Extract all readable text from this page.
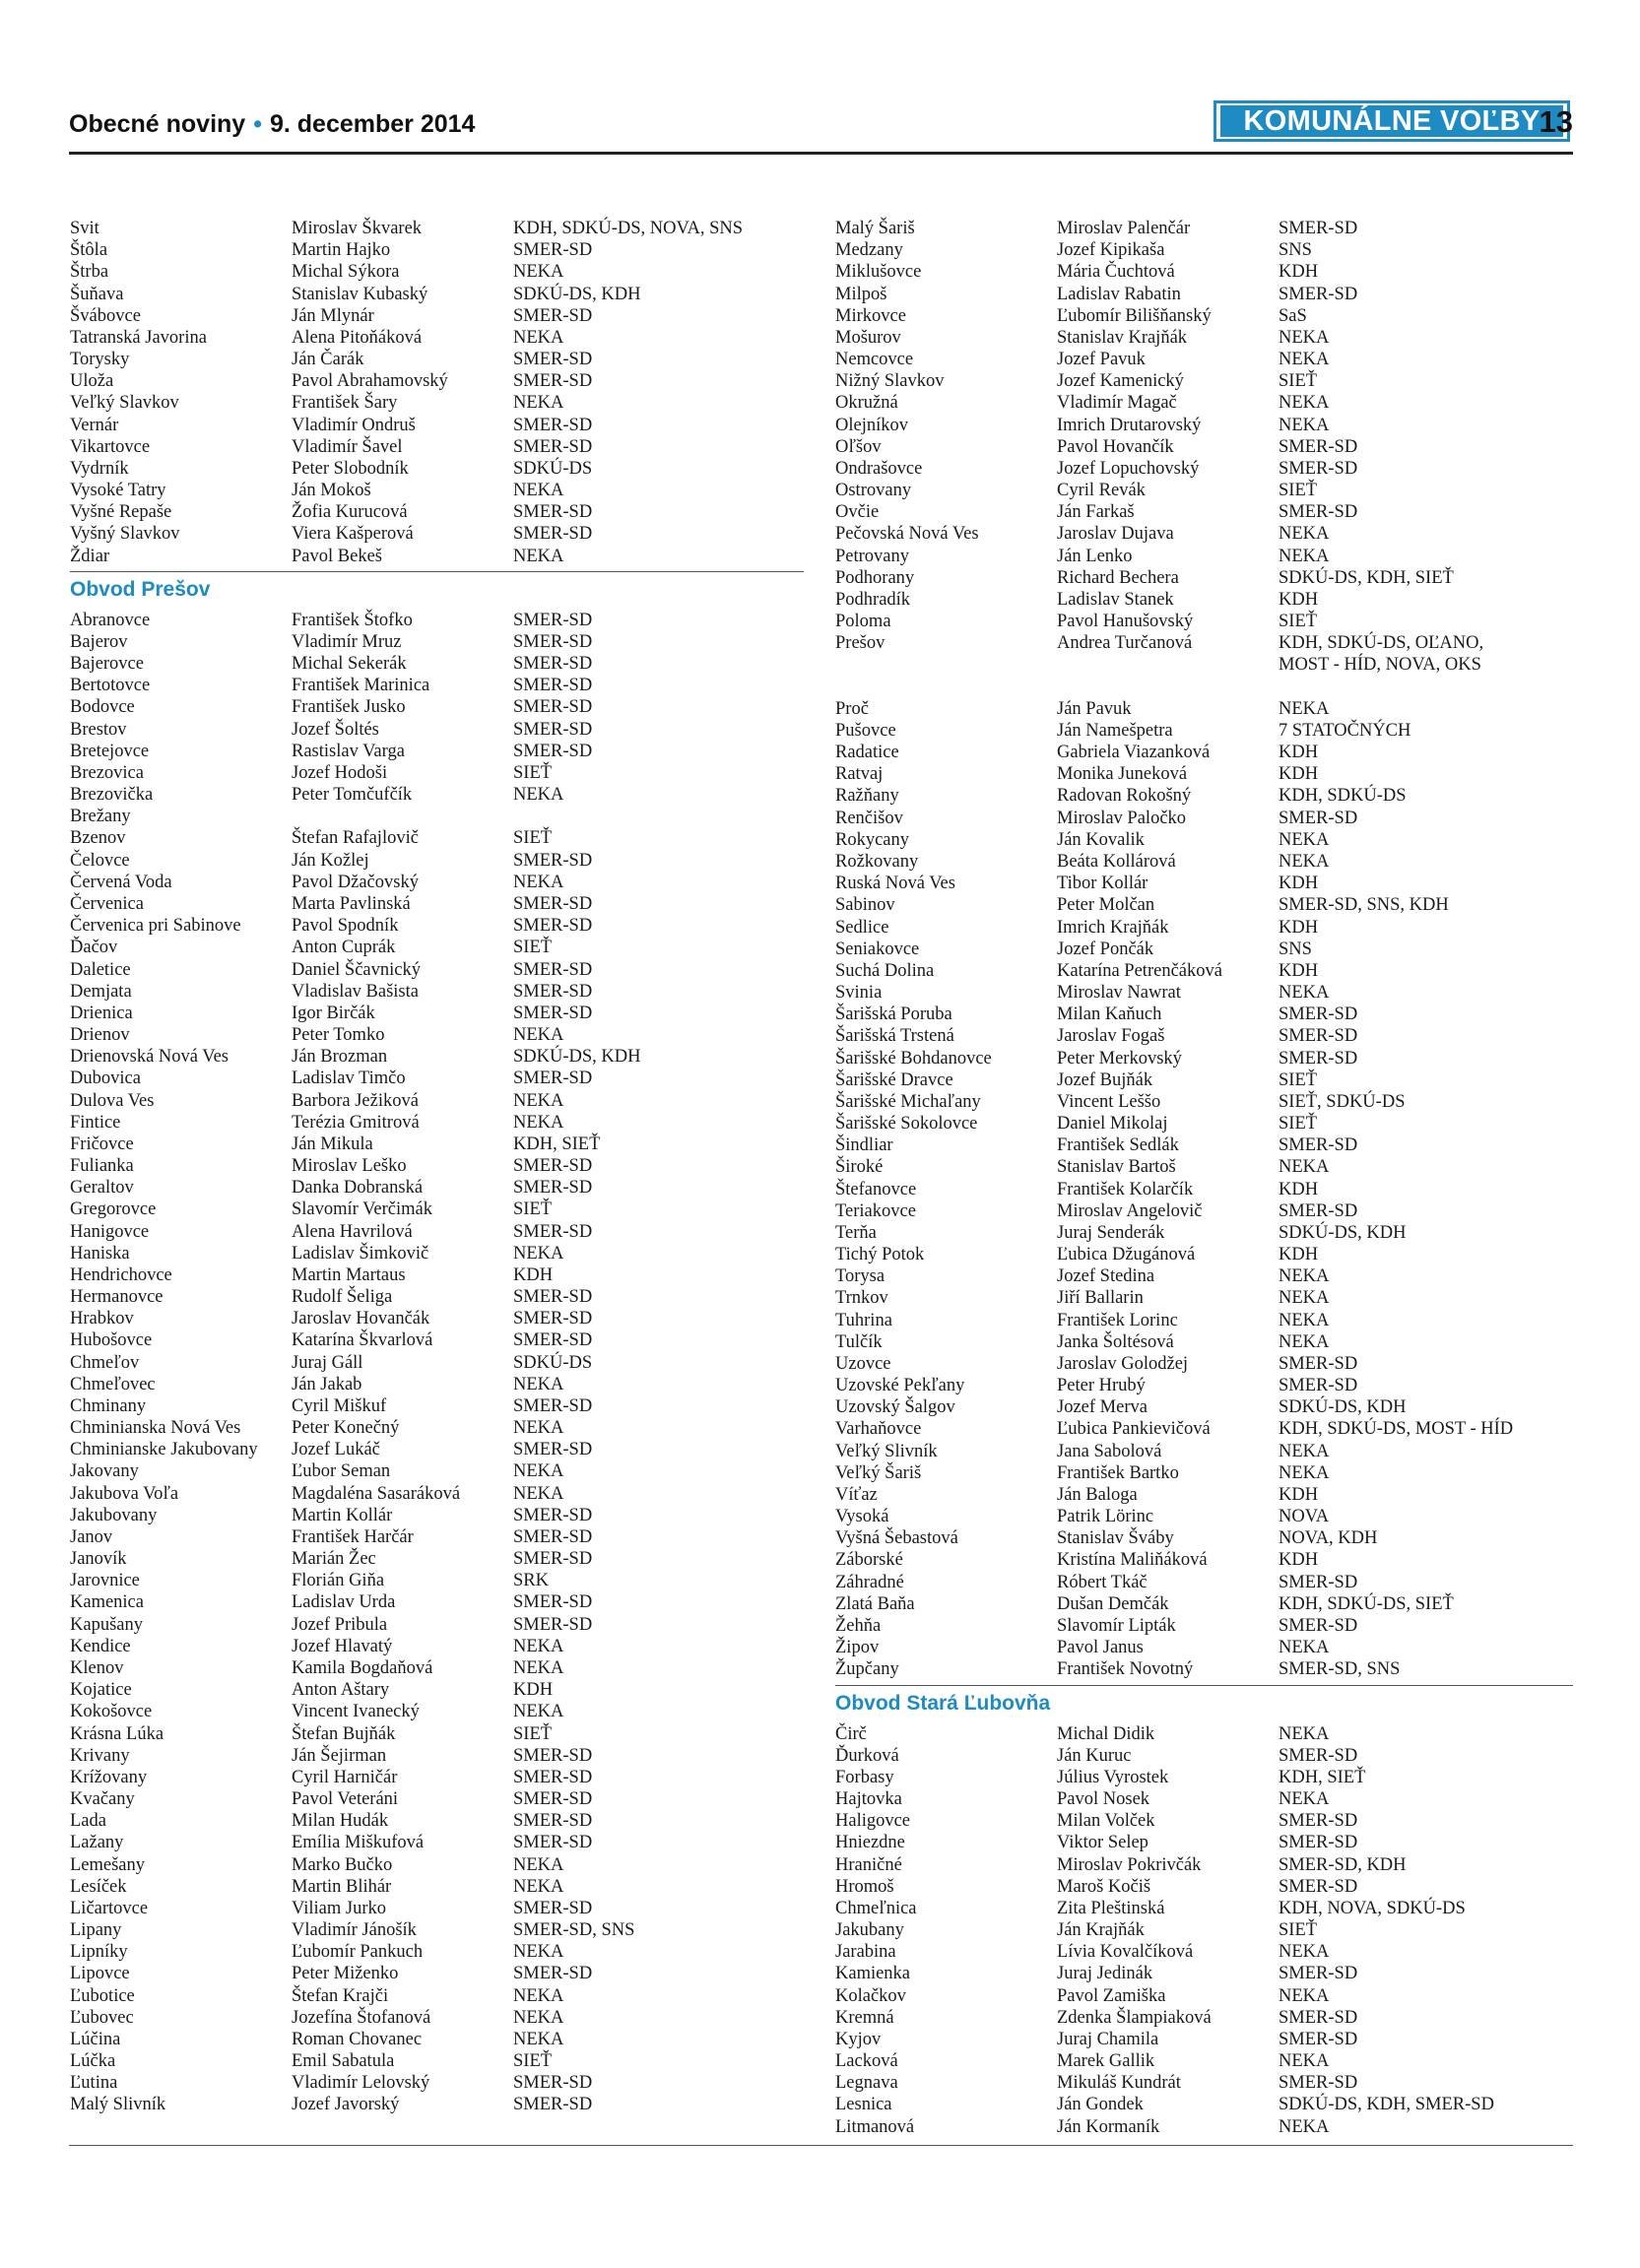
Obecné noviny • 9. december 2014	KOMUNÁLNE VOĽBY 13
Svit	Miroslav Škvarek	KDH, SDKÚ-DS, NOVA, SNS
Štôla	Martin Hajko	SMER-SD
Štrba	Michal Sýkora	NEKA
Šuňava	Stanislav Kubaský	SDKÚ-DS, KDH
Švábovce	Ján Mlynár	SMER-SD
Tatranská Javorina	Alena Pitoňáková	NEKA
Torysky	Ján Čarák	SMER-SD
Uloža	Pavol Abrahamovský	SMER-SD
Veľký Slavkov	František Šary	NEKA
Vernár	Vladimír Ondruš	SMER-SD
Vikartovce	Vladimír Šavel	SMER-SD
Vydrník	Peter Slobodník	SDKÚ-DS
Vysoké Tatry	Ján Mokoš	NEKA
Vyšné Repaše	Žofia Kurucová	SMER-SD
Vyšný Slavkov	Viera Kašperová	SMER-SD
Ždiar	Pavol Bekeš	NEKA
Obvod Prešov
Abranovce	František Štofko	SMER-SD
Bajerov	Vladimír Mruz	SMER-SD
Bajerovce	Michal Sekerák	SMER-SD
Bertotovce	František Marinica	SMER-SD
Bodovce	František Jusko	SMER-SD
Brestov	Jozef Šoltés	SMER-SD
Bretejovce	Rastislav Varga	SMER-SD
Brezovica	Jozef Hodoši	SIEŤ
Brezovička	Peter Tomčufčík	NEKA
Brežany
Bzenov	Štefan Rafajlovič	SIEŤ
Čelovce	Ján Kožlej	SMER-SD
Červená Voda	Pavol Džačovský	NEKA
Červenica	Marta Pavlinská	SMER-SD
Červenica pri Sabinove	Pavol Spodník	SMER-SD
Ďačov	Anton Cuprák	SIEŤ
Daletice	Daniel Ščavnický	SMER-SD
Demjata	Vladislav Bašista	SMER-SD
Drienica	Igor Birčák	SMER-SD
Drienov	Peter Tomko	NEKA
Drienovská Nová Ves	Ján Brozman	SDKÚ-DS, KDH
Dubovica	Ladislav Timčo	SMER-SD
Dulova Ves	Barbora Ježiková	NEKA
Fintice	Terézia Gmitrová	NEKA
Fričovce	Ján Mikula	KDH, SIEŤ
Fulianka	Miroslav Leško	SMER-SD
Geraltov	Danka Dobranská	SMER-SD
Gregorovce	Slavomír Verčimák	SIEŤ
Hanigovce	Alena Havrilová	SMER-SD
Haniska	Ladislav Šimkovič	NEKA
Hendrichovce	Martin Martaus	KDH
Hermanovce	Rudolf Šeliga	SMER-SD
Hrabkov	Jaroslav Hovančák	SMER-SD
Hubošovce	Katarína Škvarlová	SMER-SD
Chmeľov	Juraj Gáll	SDKÚ-DS
Chmeľovec	Ján Jakab	NEKA
Chminany	Cyril Miškuf	SMER-SD
Chminianska Nová Ves	Peter Konečný	NEKA
Chminianske Jakubovany Jozef Lukáč	SMER-SD
Jakovany	Ľubor Seman	NEKA
Jakubova Voľa	Magdaléna Sasaráková	NEKA
Jakubovany	Martin Kollár	SMER-SD
Janov	František Harčár	SMER-SD
Janovík	Marián Žec	SMER-SD
Jarovnice	Florián Giňa	SRK
Kamenica	Ladislav Urda	SMER-SD
Kapušany	Jozef Pribula	SMER-SD
Kendice	Jozef Hlavatý	NEKA
Klenov	Kamila Bogdaňová	NEKA
Kojatice	Anton Aštary	KDH
Kokošovce	Vincent Ivanecký	NEKA
Krásna Lúka	Štefan Bujňák	SIEŤ
Krivany	Ján Šejirman	SMER-SD
Krížovany	Cyril Harničár	SMER-SD
Kvačany	Pavol Veteráni	SMER-SD
Lada	Milan Hudák	SMER-SD
Lažany	Emília Miškufová	SMER-SD
Lemešany	Marko Bučko	NEKA
Lesíček	Martin Blihár	NEKA
Ličartovce	Viliam Jurko	SMER-SD
Lipany	Vladimír Jánošík	SMER-SD, SNS
Lipníky	Ľubomír Pankuch	NEKA
Lipovce	Peter Miženko	SMER-SD
Ľubotice	Štefan Krajči	NEKA
Ľubovec	Jozefína Štofanová	NEKA
Lúčina	Roman Chovanec	NEKA
Lúčka	Emil Sabatula	SIEŤ
Ľutina	Vladimír Lelovský	SMER-SD
Malý Slivník	Jozef Javorský	SMER-SD
Malý Šariš	Miroslav Palenčár	SMER-SD
Medzany	Jozef Kipikaša	SNS
Miklušovce	Mária Čuchtová	KDH
Milpoš	Ladislav Rabatin	SMER-SD
Mirkovce	Ľubomír Bilišňanský	SaS
Mošurov	Stanislav Krajňák	NEKA
Nemcovce	Jozef Pavuk	NEKA
Nižný Slavkov	Jozef Kamenický	SIEŤ
Okružná	Vladimír Magač	NEKA
Olejníkov	Imrich Drutarovský	NEKA
Oľšov	Pavol Hovančík	SMER-SD
Ondrašovce	Jozef Lopuchovský	SMER-SD
Ostrovany	Cyril Revák	SIEŤ
Ovčie	Ján Farkaš	SMER-SD
Pečovská Nová Ves	Jaroslav Dujava	NEKA
Petrovany	Ján Lenko	NEKA
Podhorany	Richard Bechera	SDKÚ-DS, KDH, SIEŤ
Podhradík	Ladislav Stanek	KDH
Poloma	Pavol Hanušovský	SIEŤ
Prešov	Andrea Turčanová	KDH, SDKÚ-DS, OĽANO,
MOST - HÍD, NOVA, OKS
Proč	Ján Pavuk	NEKA
Pušovce	Ján Namešpetra	7 STATOČNÝCH
Radatice	Gabriela Viazanková	KDH
Ratvaj	Monika Juneková	KDH
Ražňany	Radovan Rokošný	KDH, SDKÚ-DS
Renčišov	Miroslav Paločko	SMER-SD
Rokycany	Ján Kovalik	NEKA
Rožkovany	Beáta Kollárová	NEKA
Ruská Nová Ves	Tibor Kollár	KDH
Sabinov	Peter Molčan	SMER-SD, SNS, KDH
Sedlice	Imrich Krajňák	KDH
Seniakovce	Jozef Pončák	SNS
Suchá Dolina	Katarína Petrenčáková	KDH
Svinia	Miroslav Nawrat	NEKA
Šarišská Poruba	Milan Kaňuch	SMER-SD
Šarišská Trstená	Jaroslav Fogaš	SMER-SD
Šarišské Bohdanovce	Peter Merkovský	SMER-SD
Šarišské Dravce	Jozef Bujňák	SIEŤ
Šarišské Michaľany	Vincent Leššo	SIEŤ, SDKÚ-DS
Šarišské Sokolovce	Daniel Mikolaj	SIEŤ
Šindliar	František Sedlák	SMER-SD
Široké	Stanislav Bartoš	NEKA
Štefanovce	František Kolarčík	KDH
Teriakovce	Miroslav Angelovič	SMER-SD
Terňa	Juraj Senderák	SDKÚ-DS, KDH
Tichý Potok	Ľubica Džugánová	KDH
Torysa	Jozef Stedina	NEKA
Trnkov	Jiří Ballarin	NEKA
Tuhrina	František Lorinc	NEKA
Tulčík	Janka Šoltésová	NEKA
Uzovce	Jaroslav Golodžej	SMER-SD
Uzovské Pekľany	Peter Hrubý	SMER-SD
Uzovský Šalgov	Jozef Merva	SDKÚ-DS, KDH
Varhaňovce	Ľubica Pankievičová	KDH, SDKÚ-DS, MOST - HÍD
Veľký Slivník	Jana Sabolová	NEKA
Veľký Šariš	František Bartko	NEKA
Víťaz	Ján Baloga	KDH
Vysoká	Patrik Lörinc	NOVA
Vyšná Šebastová	Stanislav Švábу	NOVA, KDH
Záborské	Kristína Maliňáková	KDH
Záhradné	Róbert Tkáč	SMER-SD
Zlatá Baňa	Dušan Demčák	KDH, SDKÚ-DS, SIEŤ
Žehňa	Slavomír Lipták	SMER-SD
Žipov	Pavol Janus	NEKA
Župčany	František Novotný	SMER-SD, SNS
Obvod Stará Ľubovňa
Čirč	Michal Didik	NEKA
Ďurková	Ján Kuruc	SMER-SD
Forbasy	Július Vyrostek	KDH, SIEŤ
Hajtovka	Pavol Nosek	NEKA
Haligovce	Milan Volček	SMER-SD
Hniezdne	Viktor Selep	SMER-SD
Hraničné	Miroslav Pokrivčák	SMER-SD, KDH
Hromoš	Maroš Kočiš	SMER-SD
Chmeľnica	Zita Pleštinská	KDH, NOVA, SDKÚ-DS
Jakubany	Ján Krajňák	SIEŤ
Jarabina	Lívia Kovalčíková	NEKA
Kamienka	Juraj Jedinák	SMER-SD
Kolačkov	Pavol Zamiška	NEKA
Kremná	Zdenka Šlampiaková	SMER-SD
Kyjov	Juraj Chamila	SMER-SD
Lacková	Marek Gallik	NEKA
Legnava	Mikuláš Kundrát	SMER-SD
Lesnica	Ján Gondek	SDKÚ-DS, KDH, SMER-SD
Litmanová	Ján Kormaník	NEKA
